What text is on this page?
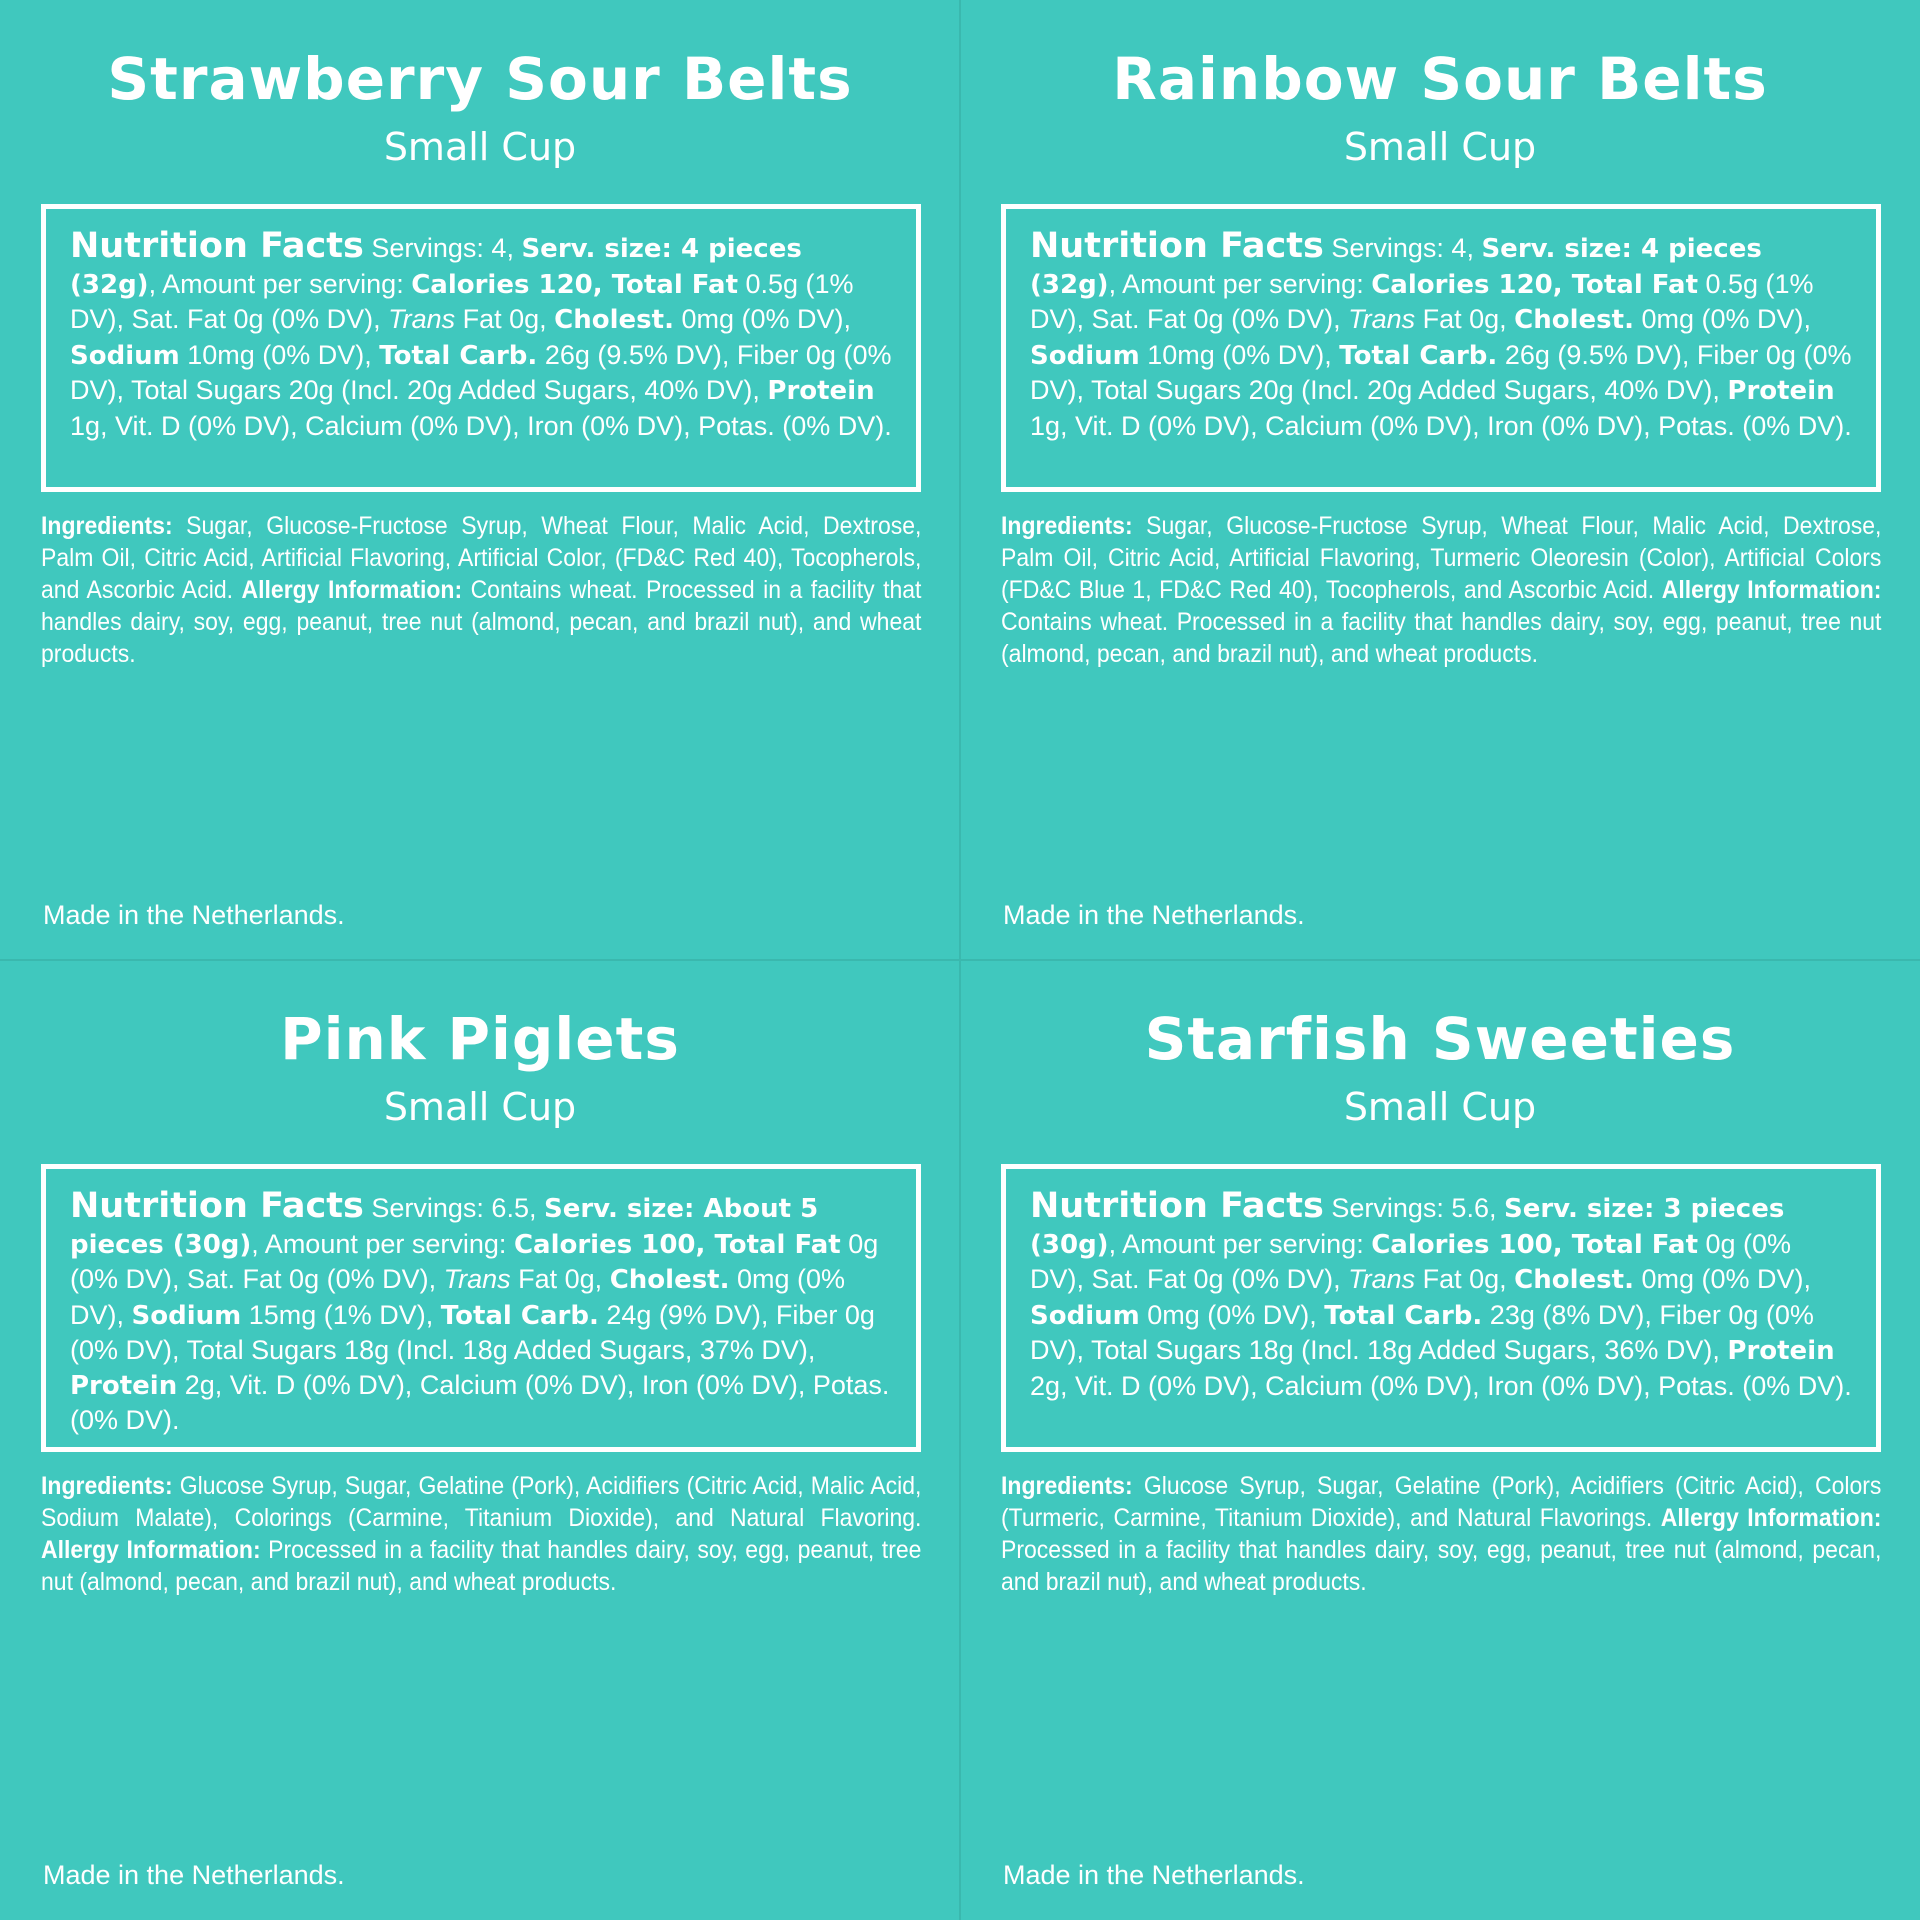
Strawberry Sour Belts
Small Cup
Nutrition Facts Servings: 4, Serv. size: 4 pieces (32g), Amount per serving: Calories 120, Total Fat 0.5g (1% DV), Sat. Fat 0g (0% DV), Trans Fat 0g, Cholest. 0mg (0% DV), Sodium 10mg (0% DV), Total Carb. 26g (9.5% DV), Fiber 0g (0% DV), Total Sugars 20g (Incl. 20g Added Sugars, 40% DV), Protein 1g, Vit. D (0% DV), Calcium (0% DV), Iron (0% DV), Potas. (0% DV).

Ingredients: Sugar, Glucose-Fructose Syrup, Wheat Flour, Malic Acid, Dextrose, Palm Oil, Citric Acid, Artificial Flavoring, Artificial Color, (FD&C Red 40), Tocopherols, and Ascorbic Acid. Allergy Information: Contains wheat. Processed in a facility that handles dairy, soy, egg, peanut, tree nut (almond, pecan, and brazil nut), and wheat products.

Made in the Netherlands.
Rainbow Sour Belts
Small Cup
Nutrition Facts Servings: 4, Serv. size: 4 pieces (32g), Amount per serving: Calories 120, Total Fat 0.5g (1% DV), Sat. Fat 0g (0% DV), Trans Fat 0g, Cholest. 0mg (0% DV), Sodium 10mg (0% DV), Total Carb. 26g (9.5% DV), Fiber 0g (0% DV), Total Sugars 20g (Incl. 20g Added Sugars, 40% DV), Protein 1g, Vit. D (0% DV), Calcium (0% DV), Iron (0% DV), Potas. (0% DV).

Ingredients: Sugar, Glucose-Fructose Syrup, Wheat Flour, Malic Acid, Dextrose, Palm Oil, Citric Acid, Artificial Flavoring, Turmeric Oleoresin (Color), Artificial Colors (FD&C Blue 1, FD&C Red 40), Tocopherols, and Ascorbic Acid. Allergy Information: Contains wheat. Processed in a facility that handles dairy, soy, egg, peanut, tree nut (almond, pecan, and brazil nut), and wheat products.

Made in the Netherlands.
Pink Piglets
Small Cup
Nutrition Facts Servings: 6.5, Serv. size: About 5 pieces (30g), Amount per serving: Calories 100, Total Fat 0g (0% DV), Sat. Fat 0g (0% DV), Trans Fat 0g, Cholest. 0mg (0% DV), Sodium 15mg (1% DV), Total Carb. 24g (9% DV), Fiber 0g (0% DV), Total Sugars 18g (Incl. 18g Added Sugars, 37% DV), Protein 2g, Vit. D (0% DV), Calcium (0% DV), Iron (0% DV), Potas. (0% DV).

Ingredients: Glucose Syrup, Sugar, Gelatine (Pork), Acidifiers (Citric Acid, Malic Acid, Sodium Malate), Colorings (Carmine, Titanium Dioxide), and Natural Flavoring. Allergy Information: Processed in a facility that handles dairy, soy, egg, peanut, tree nut (almond, pecan, and brazil nut), and wheat products.

Made in the Netherlands.
Starfish Sweeties
Small Cup
Nutrition Facts Servings: 5.6, Serv. size: 3 pieces (30g), Amount per serving: Calories 100, Total Fat 0g (0% DV), Sat. Fat 0g (0% DV), Trans Fat 0g, Cholest. 0mg (0% DV), Sodium 0mg (0% DV), Total Carb. 23g (8% DV), Fiber 0g (0% DV), Total Sugars 18g (Incl. 18g Added Sugars, 36% DV), Protein 2g, Vit. D (0% DV), Calcium (0% DV), Iron (0% DV), Potas. (0% DV).

Ingredients: Glucose Syrup, Sugar, Gelatine (Pork), Acidifiers (Citric Acid), Colors (Turmeric, Carmine, Titanium Dioxide), and Natural Flavorings. Allergy Information: Processed in a facility that handles dairy, soy, egg, peanut, tree nut (almond, pecan, and brazil nut), and wheat products.

Made in the Netherlands.
